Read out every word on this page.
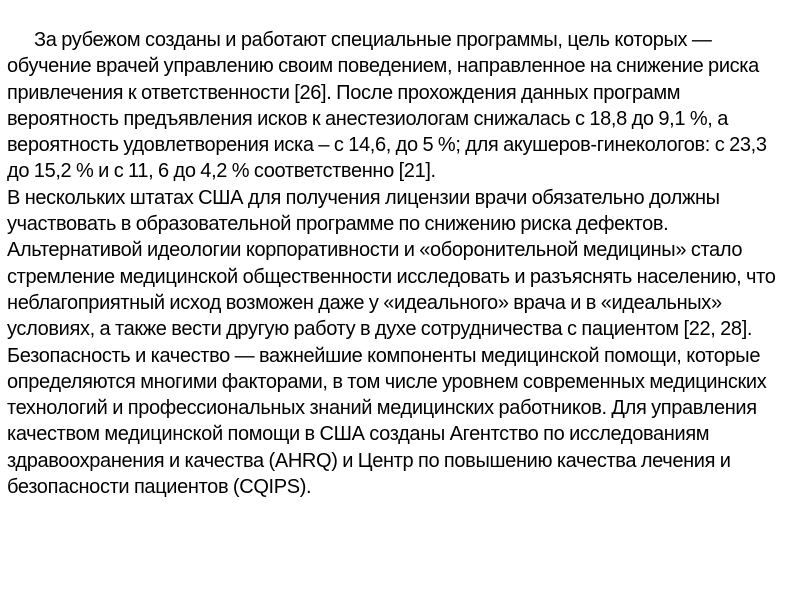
За рубежом созданы и работают специальные программы, цель которых — обучение врачей управлению своим поведением, направленное на снижение риска привлечения к ответственности [26]. После прохождения данных программ вероятность предъявления исков к анестезиологам снижалась с 18,8 до 9,1 %, а вероятность удовлетворения иска – с 14,6, до 5 %; для акушеров-гинекологов: с 23,3 до 15,2 % и с 11, 6 до 4,2 % соответственно [21].

В нескольких штатах США для получения лицензии врачи обязательно должны участвовать в образовательной программе по снижению риска дефектов. Альтернативой идеологии корпоративности и «оборонительной медицины» стало стремление медицинской общественности исследовать и разъяснять населению, что неблагоприятный исход возможен даже у «идеального» врача и в «идеальных» условиях, а также вести другую работу в духе сотрудничества с пациентом [22, 28].

Безопасность и качество — важнейшие компоненты медицинской помощи, которые определяются многими факторами, в том числе уровнем современных медицинских технологий и профессиональных знаний медицинских работников. Для управления качеством медицинской помощи в США созданы Агентство по исследованиям здравоохранения и качества (AHRQ) и Центр по повышению качества лечения и безопасности пациентов (CQIPS).
